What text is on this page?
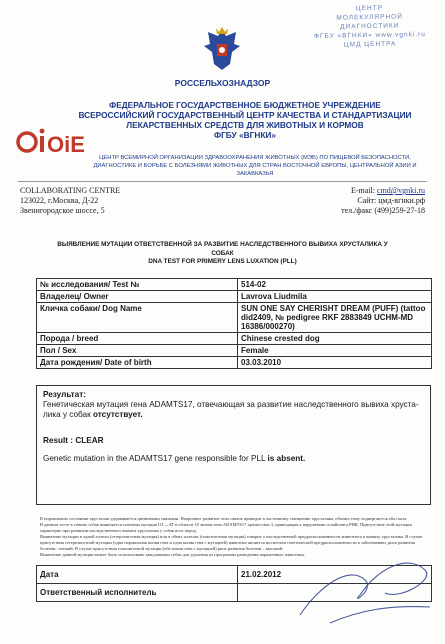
ЦЕНТР
МОЛЕКУЛЯРНОЙ
ДИАГНОСТИКИ
ФГБУ «ВГНКИ» www.vgnki.ru
ЦМД ЦЕНТРА
РОССЕЛЬХОЗНАДЗОР
ФЕДЕРАЛЬНОЕ ГОСУДАРСТВЕННОЕ БЮДЖЕТНОЕ УЧРЕЖДЕНИЕ
ВСЕРОССИЙСКИЙ ГОСУДАРСТВЕННЫЙ ЦЕНТР КАЧЕСТВА И СТАНДАРТИЗАЦИИ
ЛЕКАРСТВЕННЫХ СРЕДСТВ ДЛЯ ЖИВОТНЫХ И КОРМОВ
ФГБУ «ВГНКИ»
OiE
ЦЕНТР ВСЕМИРНОЙ ОРГАНИЗАЦИИ ЗДРАВООХРАНЕНИЯ ЖИВОТНЫХ (МЭБ) ПО ПИЩЕВОЙ БЕЗОПАСНОСТИ,
ДИАГНОСТИКЕ И БОРЬБЕ С БОЛЕЗНЯМИ ЖИВОТНЫХ ДЛЯ СТРАН ВОСТОЧНОЙ ЕВРОПЫ, ЦЕНТРАЛЬНОЙ АЗИИ И
ЗАКАВКАЗЬЯ
COLLABORATING CENTRE
123022, г.Москва, Д-22
Звенигородское шоссе, 5
E-mail: cmd@vgnki.ru
Сайт: цмд-вгнки.рф
тел./факс (499)259-27-18
ВЫЯВЛЕНИЕ МУТАЦИИ ОТВЕТСТВЕННОЙ ЗА РАЗВИТИЕ НАСЛЕДСТВЕННОГО ВЫВИХА ХРУСТАЛИКА У
СОБАК
DNA TEST FOR PRIMERY LENS LUXATION (PLL)
№ исследования/ Test №	514-02
Владелец/ Owner	Lavrova Liudmila
Кличка собаки/ Dog Name	SUN ONE SAY CHERISHT DREAM (PUFF) (tattoo did2409, № pedigree RKF 2883849 UCHM-MD 16386/000270)
Порода / breed	Chinese crested dog
Пол / Sex	Female
Дата рождения/ Date of birth	03.03.2010
Результат:
Генетическая мутация гена ADAMTS17, отвечающая за развитие наследственного вывиха хруста-
лика у собак отсутствует.
Result : CLEAR
Genetic mutation in the ADAMTS17 gene responsible for PLL is absent.
В нормальном состоянии хрусталик удерживается цинновыми связками. Непрочное развитие этих связок приводит к частичному смещению хрусталика, обычно тому подвергаются оба глаза.
В данном тесте в геноме собак выявляется точечная мутация GT→AT в области 10 экзона гена ADAMTS17 хромосомы 3, приводящая к нарушению сплайсинга РНК. Присутствие этой мутации характерно при развитии наследственного вывиха хрусталика у собак всех пород.
Выявление мутации в одной аллели (гетерозиготная мутация) или в обеих аллелях (гомозиготная мутация) говорит о наследственной предрасположенности животного к вывиху хрусталика. В случае присутствия гетерозиготной мутации (одна нормальная копия гена и одна копия гена с мутацией) животное является носителем генетической предрасположенности к заболеванию, риск развития болезни - низкий. В случае присутствия гомозиготной мутации (обе копии гена с мутацией) риск развития болезни – высокий.
Выявление данной мутации может быть использовано заводчиками собак для удаления из программы разведения пораженных животных.
Дата	21.02.2012
Ответственный исполнитель	
